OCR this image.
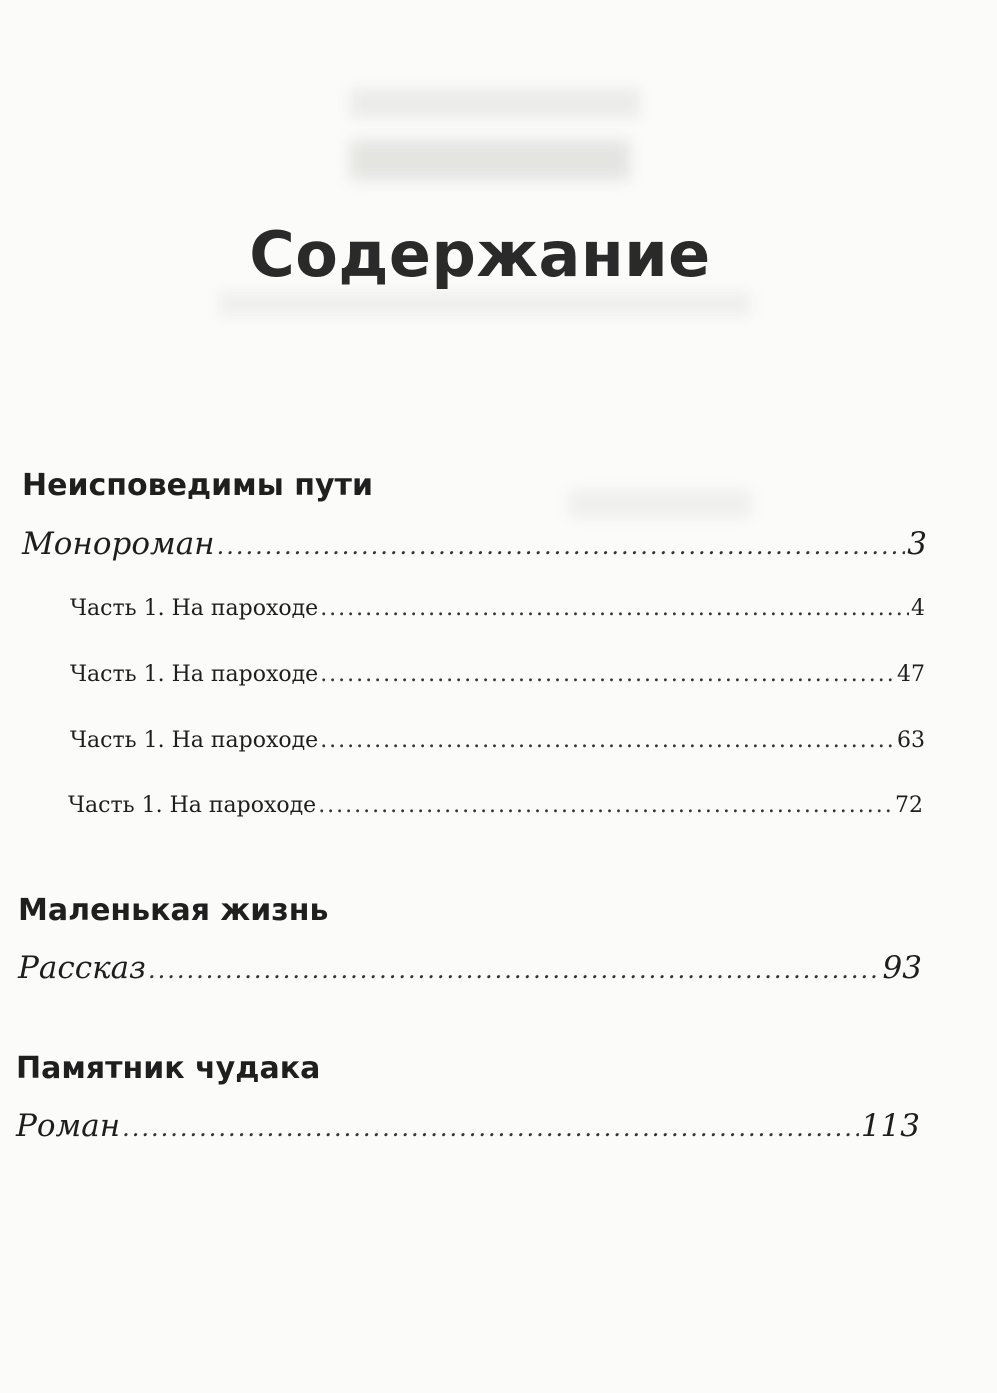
Содержание
Неисповедимы пути
Монороман .....	3
Часть 1. На пароходе .....	4
Часть 1. На пароходе .....	47
Часть 1. На пароходе .....	63
Часть 1. На пароходе .....	72
Маленькая жизнь
Рассказ .....	93
Памятник чудака
Роман .....	113
